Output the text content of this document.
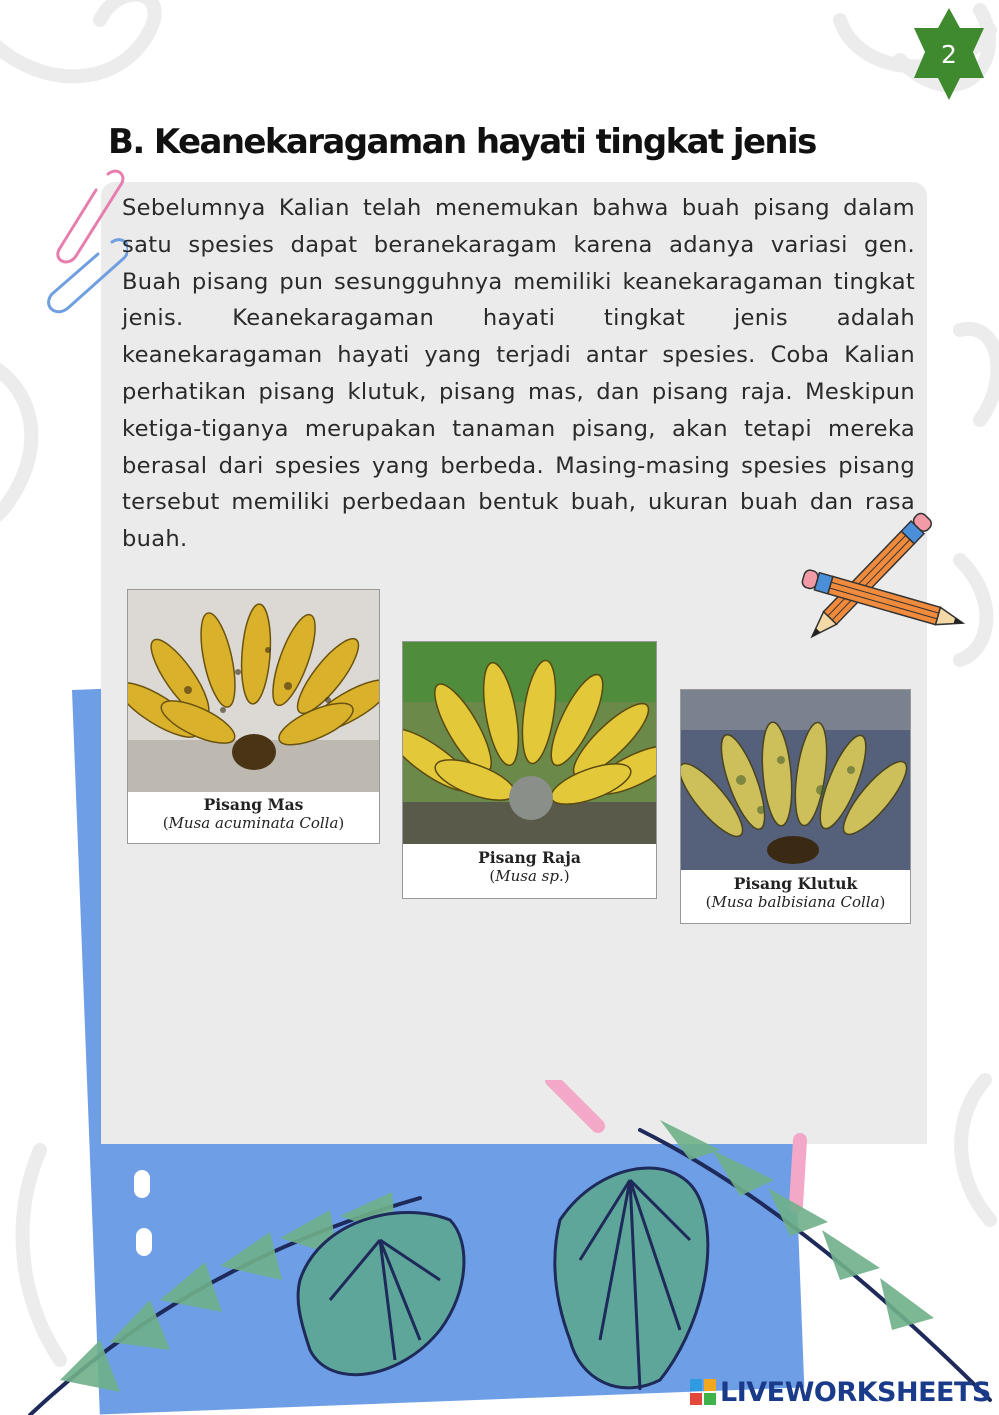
2
B. Keanekaragaman hayati tingkat jenis

Sebelumnya Kalian telah menemukan bahwa buah pisang dalam satu spesies dapat beranekaragam karena adanya variasi gen. Buah pisang pun sesungguhnya memiliki keanekaragaman tingkat jenis. Keanekaragaman hayati tingkat jenis adalah keanekaragaman hayati yang terjadi antar spesies. Coba Kalian perhatikan pisang klutuk, pisang mas, dan pisang raja. Meskipun ketiga-tiganya merupakan tanaman pisang, akan tetapi mereka berasal dari spesies yang berbeda. Masing-masing spesies pisang tersebut memiliki perbedaan bentuk buah, ukuran buah dan rasa buah.

Pisang Mas
(Musa acuminata Colla)
Pisang Raja
(Musa sp.)	Pisang Klutuk
(Musa balbisiana Colla)
LIVEWORKSHEETS
